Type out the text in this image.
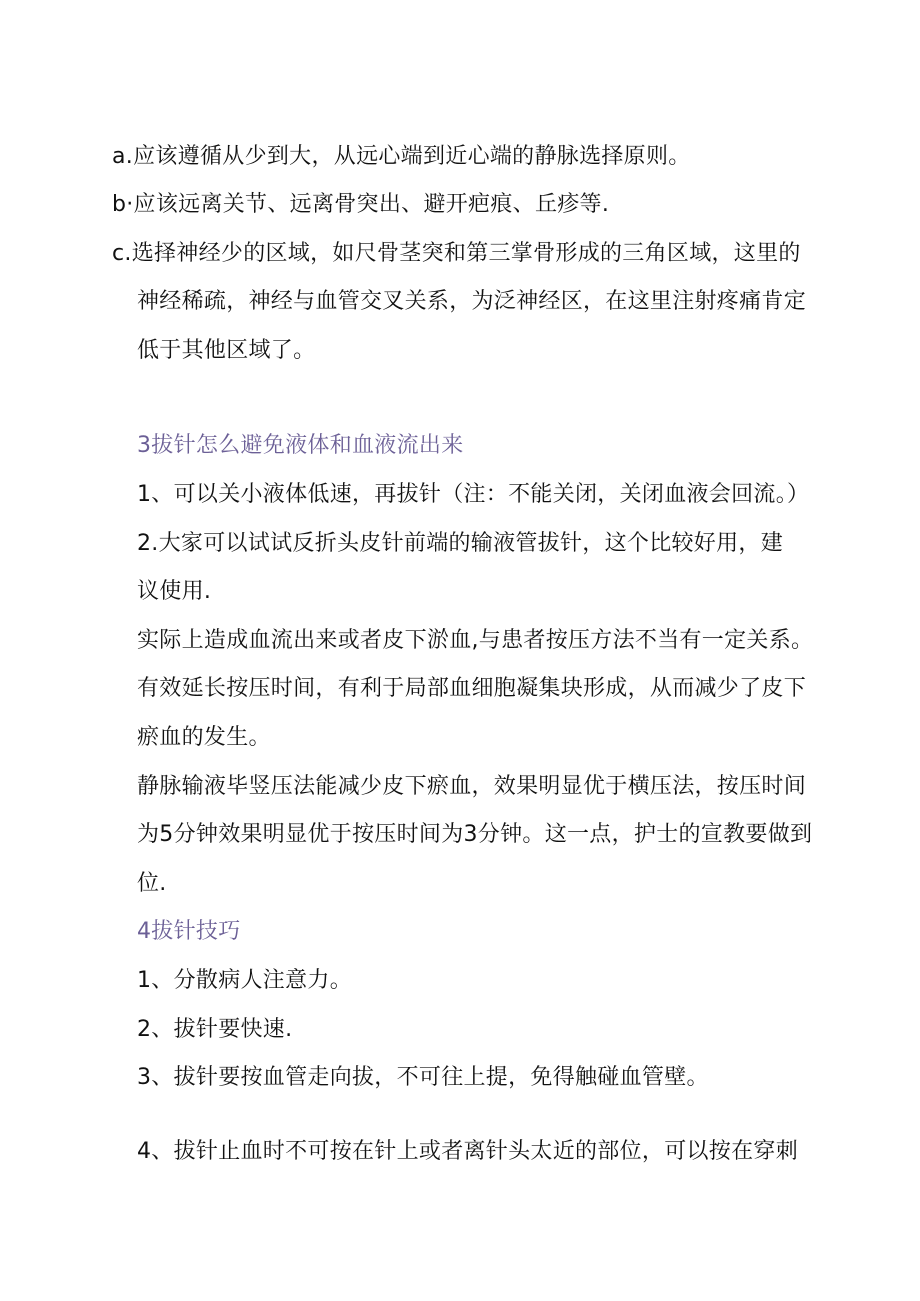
a.应该遵循从少到大，从远心端到近心端的静脉选择原则。

b·应该远离关节、远离骨突出、避开疤痕、丘疹等.

c.选择神经少的区域，如尺骨茎突和第三掌骨形成的三角区域，这里的

神经稀疏，神经与血管交叉关系，为泛神经区，在这里注射疼痛肯定

低于其他区域了。

3拔针怎么避免液体和血液流出来

1、可以关小液体低速，再拔针（注：不能关闭，关闭血液会回流。）

2.大家可以试试反折头皮针前端的输液管拔针，这个比较好用，建

议使用.

实际上造成血流出来或者皮下淤血,与患者按压方法不当有一定关系。

有效延长按压时间，有利于局部血细胞凝集块形成，从而减少了皮下

瘀血的发生。

静脉输液毕竖压法能减少皮下瘀血，效果明显优于横压法，按压时间

为5分钟效果明显优于按压时间为3分钟。这一点，护士的宣教要做到

位.

4拔针技巧

1、分散病人注意力。

2、拔针要快速.

3、拔针要按血管走向拔，不可往上提，免得触碰血管壁。

4、拔针止血时不可按在针上或者离针头太近的部位，可以按在穿刺
